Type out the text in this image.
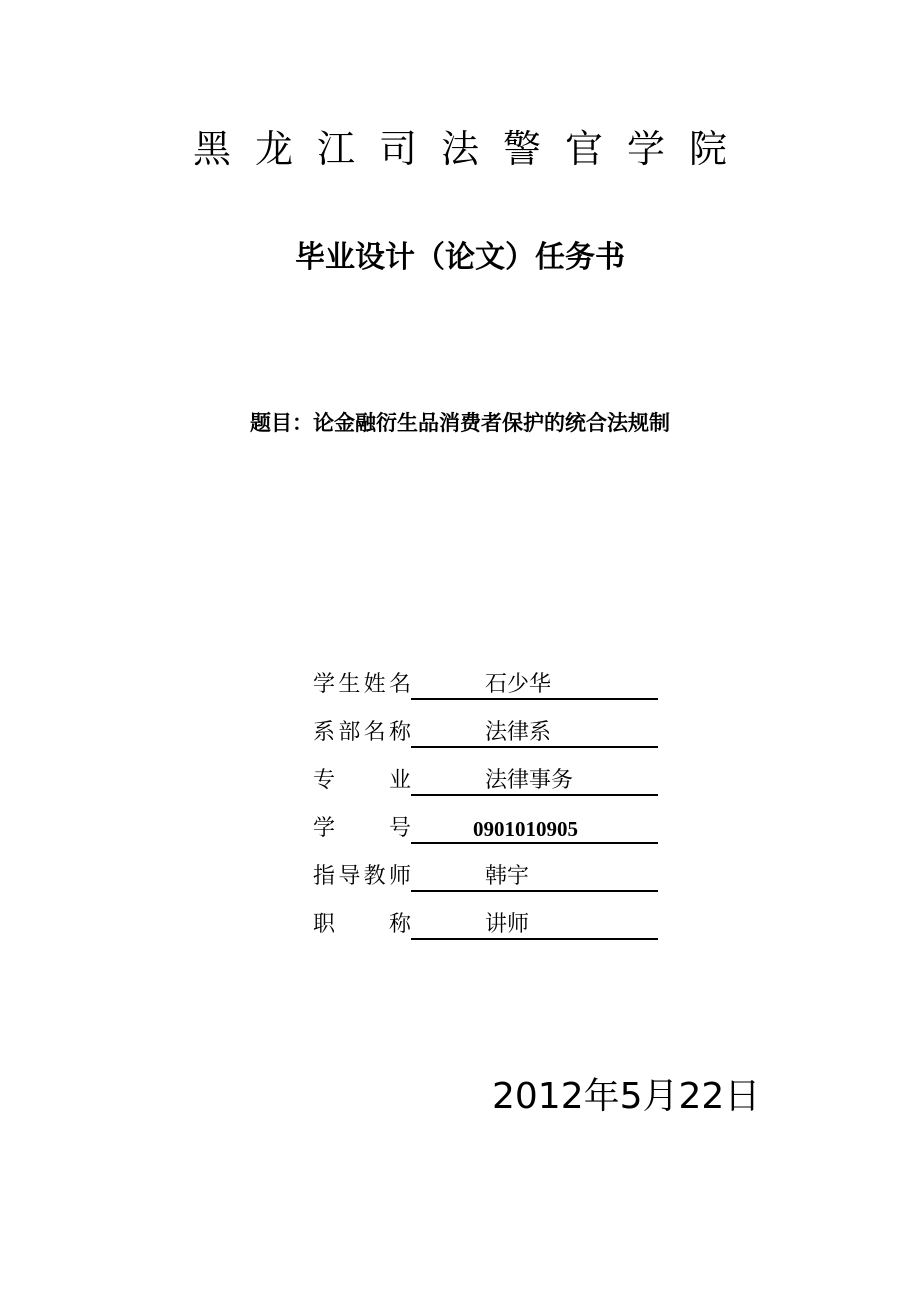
黑龙江司法警官学院
毕业设计（论文）任务书
题目：论金融衍生品消费者保护的统合法规制
学 生 姓 名	石少华
系 部 名 称	法律系
专 业	法律事务
学 号	0901010905
指 导 教 师	韩宇
职 称	讲师
2012年5月22日
